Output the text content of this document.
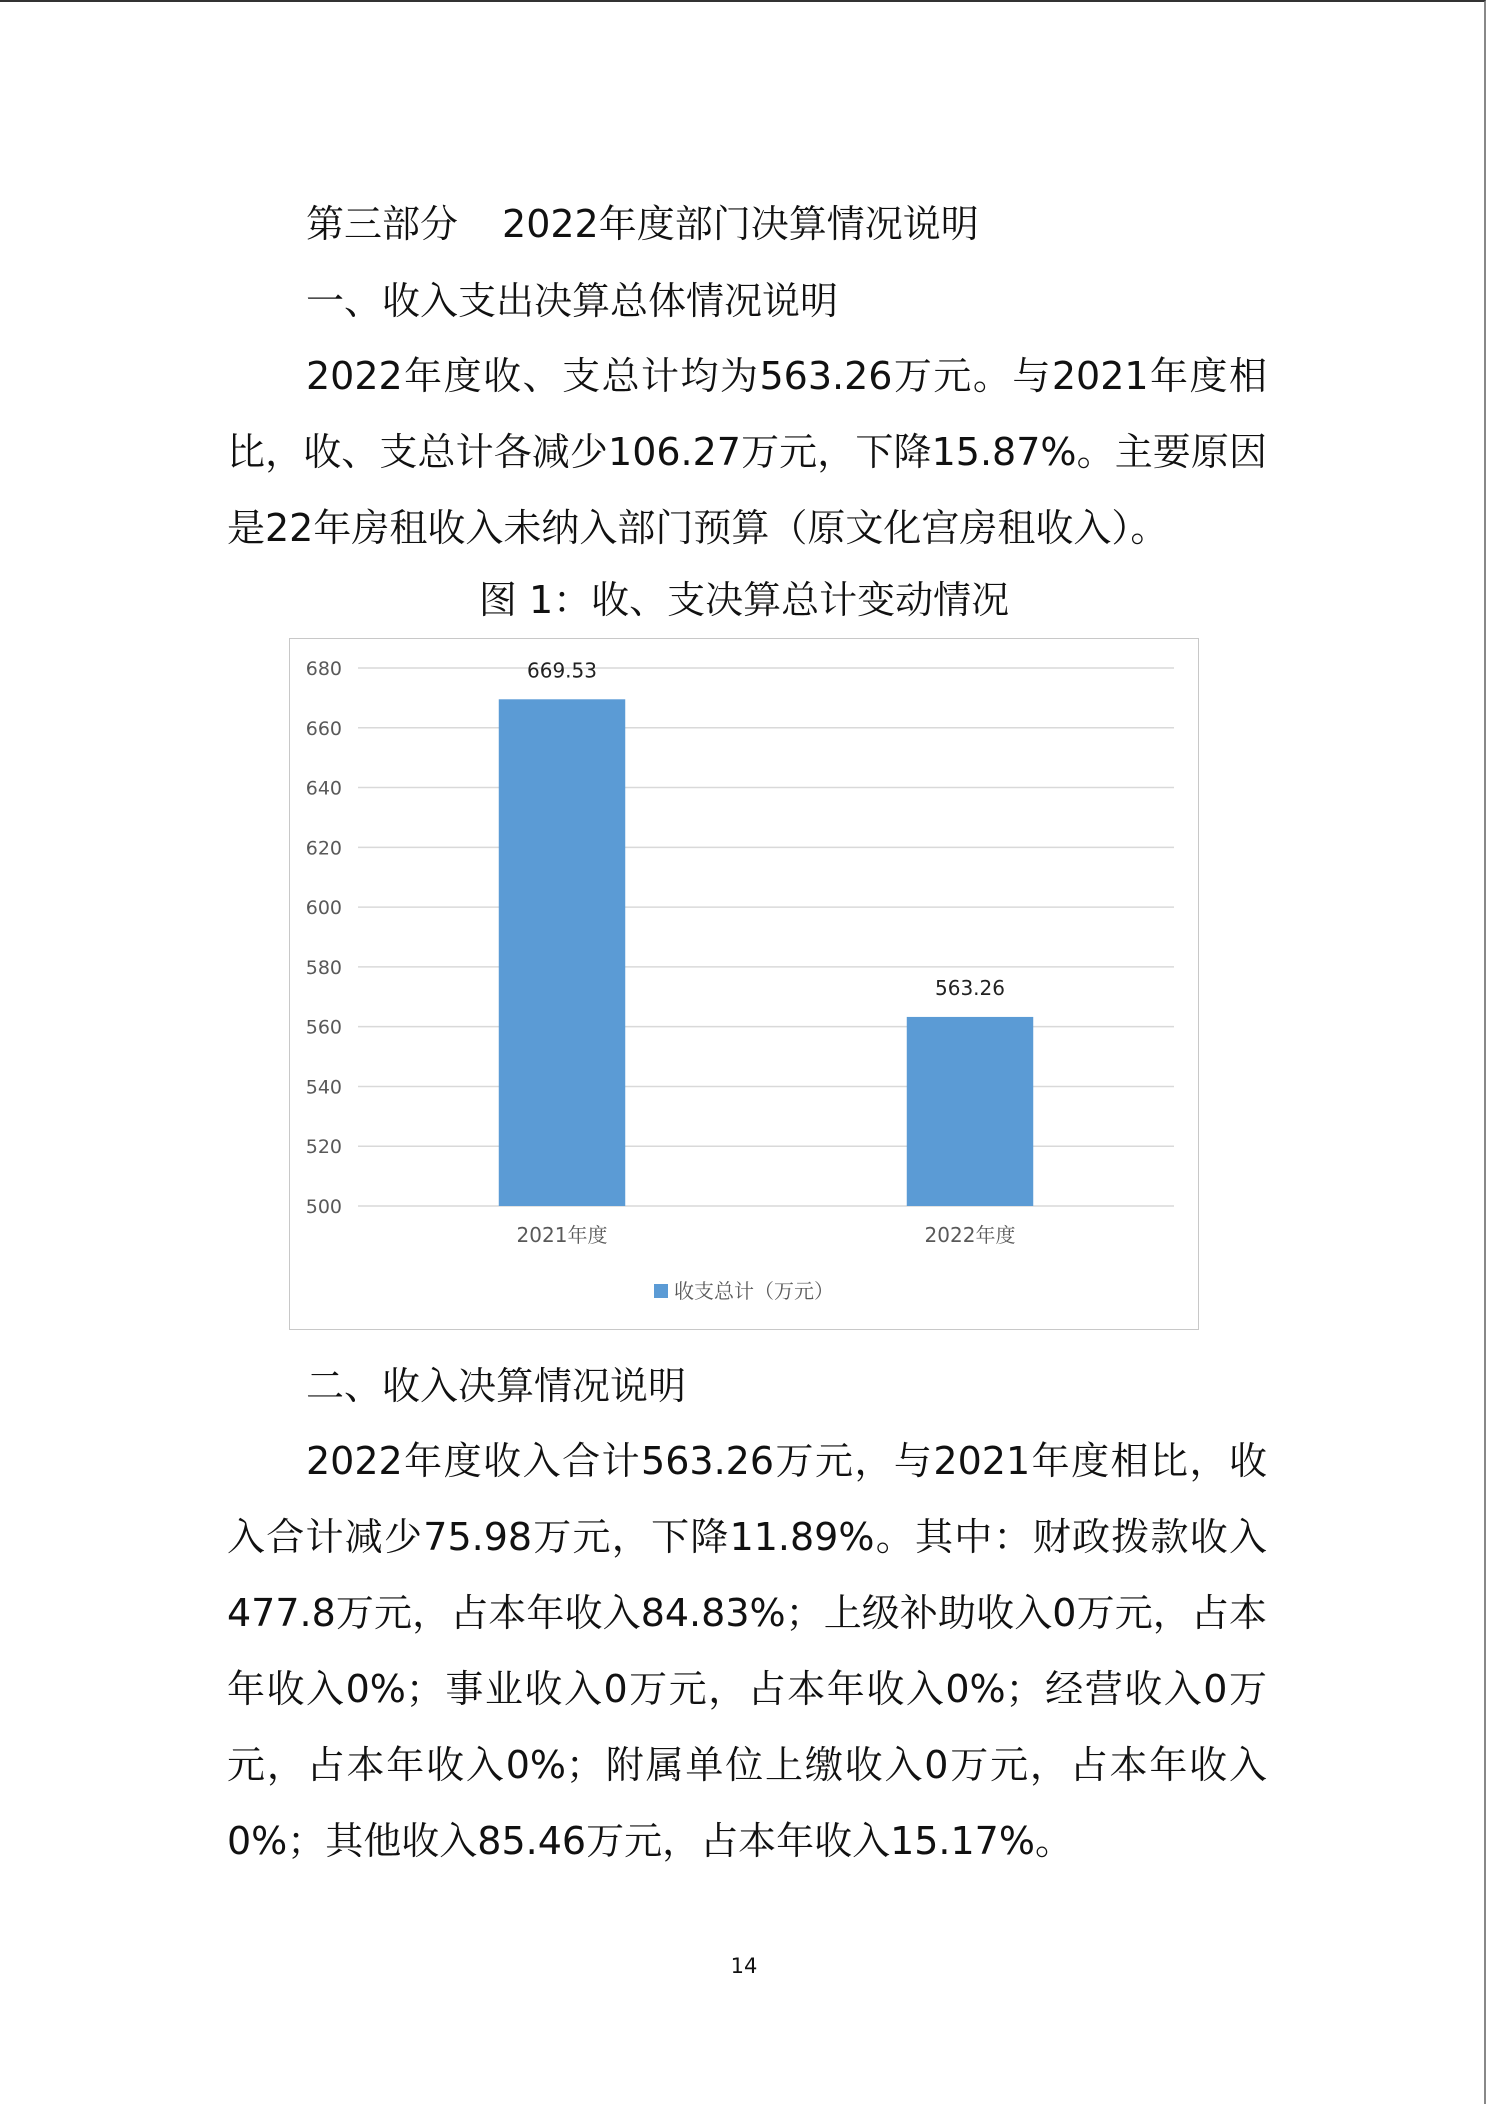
第三部分 2022年度部门决算情况说明
一、收入支出决算总体情况说明

2022年度收、支总计均为563.26万元。与2021年度相比，收、支总计各减少106.27万元，下降15.87%。主要原因是22年房租收入未纳入部门预算（原文化宫房租收入）。

图 1：收、支决算总计变动情况

500
520
540
560
580
600
620
640
660
680	669.53
2021年度
563.26
2022年度
收支总计（万元）
二、收入决算情况说明

2022年度收入合计563.26万元，与2021年度相比，收入合计减少75.98万元，下降11.89%。其中：财政拨款收入477.8万元，占本年收入84.83%；上级补助收入0万元，占本年收入0%；事业收入0万元，占本年收入0%；经营收入0万元，占本年收入0%；附属单位上缴收入0万元，占本年收入0%；其他收入85.46万元，占本年收入15.17%。

14
